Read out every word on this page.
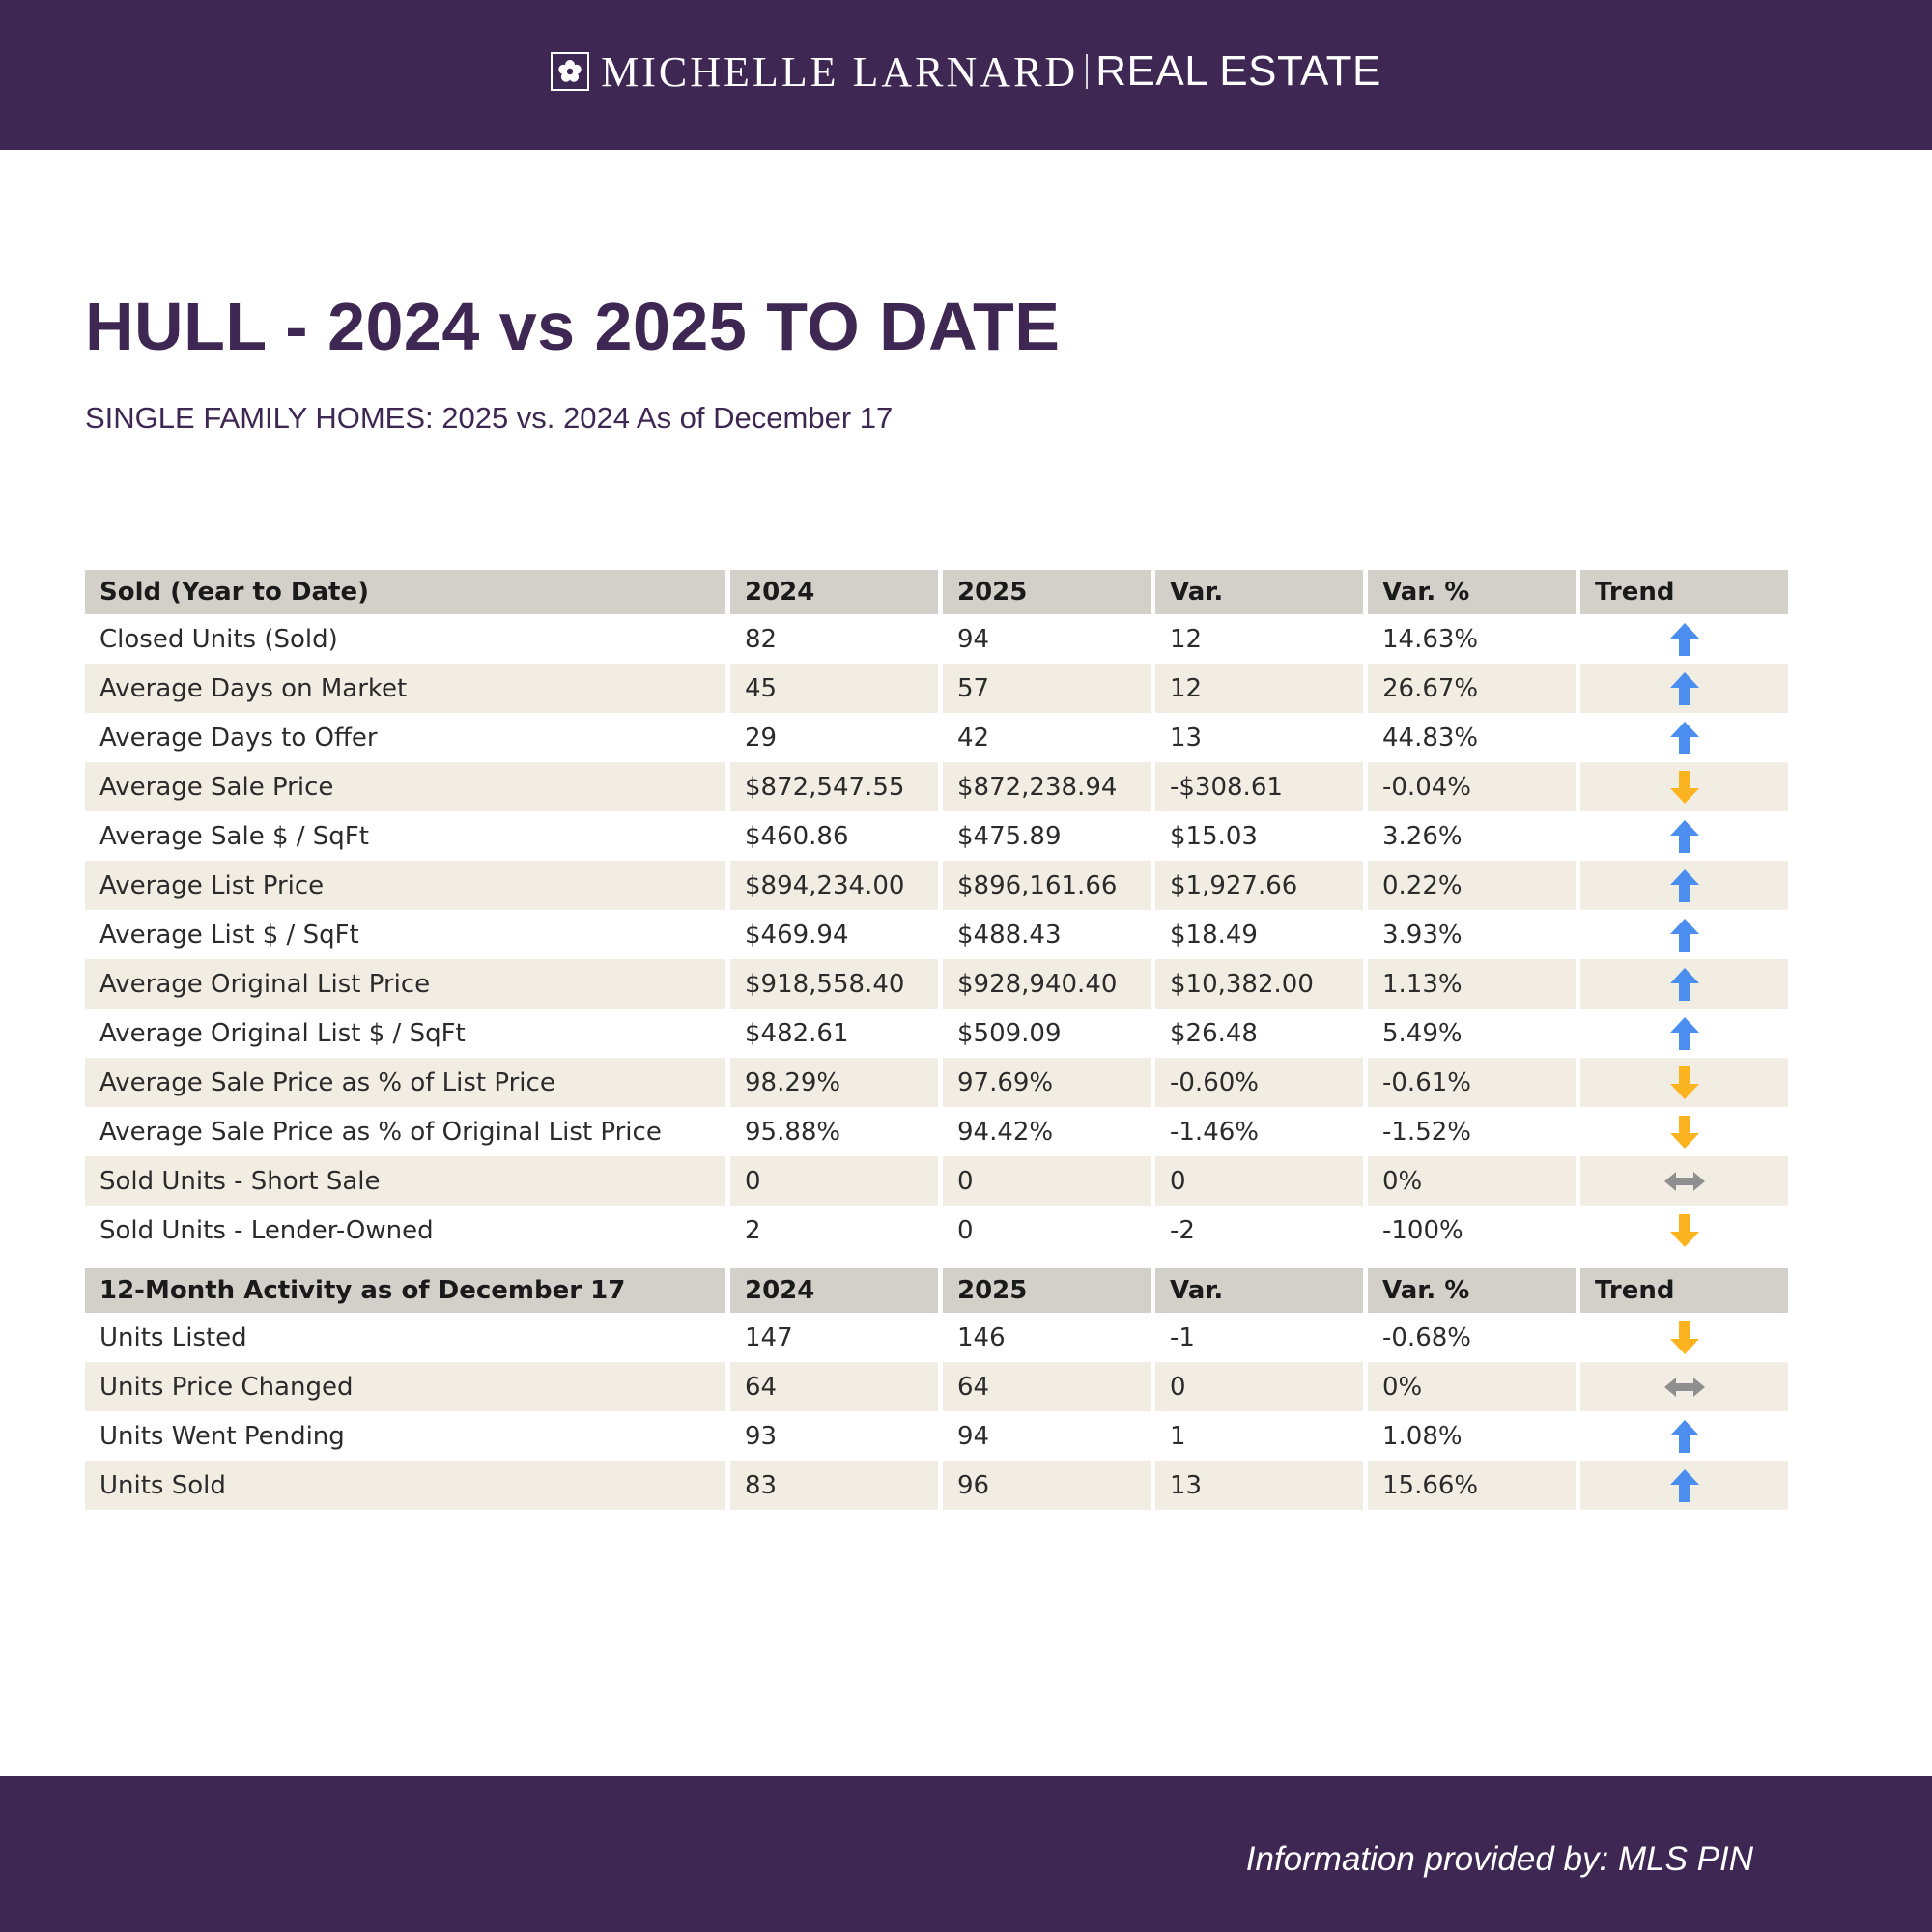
MICHELLE LARNARD REAL ESTATE
HULL - 2024 vs 2025 TO DATE

SINGLE FAMILY HOMES: 2025 vs. 2024 As of December 17

Sold (Year to Date)	2024	2025	Var.	Var. %	Trend
Closed Units (Sold)	82	94	12	14.63%	
Average Days on Market	45	57	12	26.67%	
Average Days to Offer	29	42	13	44.83%	
Average Sale Price	$872,547.55	$872,238.94	-$308.61	-0.04%	
Average Sale $ / SqFt	$460.86	$475.89	$15.03	3.26%	
Average List Price	$894,234.00	$896,161.66	$1,927.66	0.22%	
Average List $ / SqFt	$469.94	$488.43	$18.49	3.93%	
Average Original List Price	$918,558.40	$928,940.40	$10,382.00	1.13%	
Average Original List $ / SqFt	$482.61	$509.09	$26.48	5.49%	
Average Sale Price as % of List Price	98.29%	97.69%	-0.60%	-0.61%	
Average Sale Price as % of Original List Price	95.88%	94.42%	-1.46%	-1.52%	
Sold Units - Short Sale	0	0	0	0%	
Sold Units - Lender-Owned	2	0	-2	-100%	

12-Month Activity as of December 17	2024	2025	Var.	Var. %	Trend
Units Listed	147	146	-1	-0.68%	
Units Price Changed	64	64	0	0%	
Units Went Pending	93	94	1	1.08%	
Units Sold	83	96	13	15.66%	
Information provided by: MLS PIN
